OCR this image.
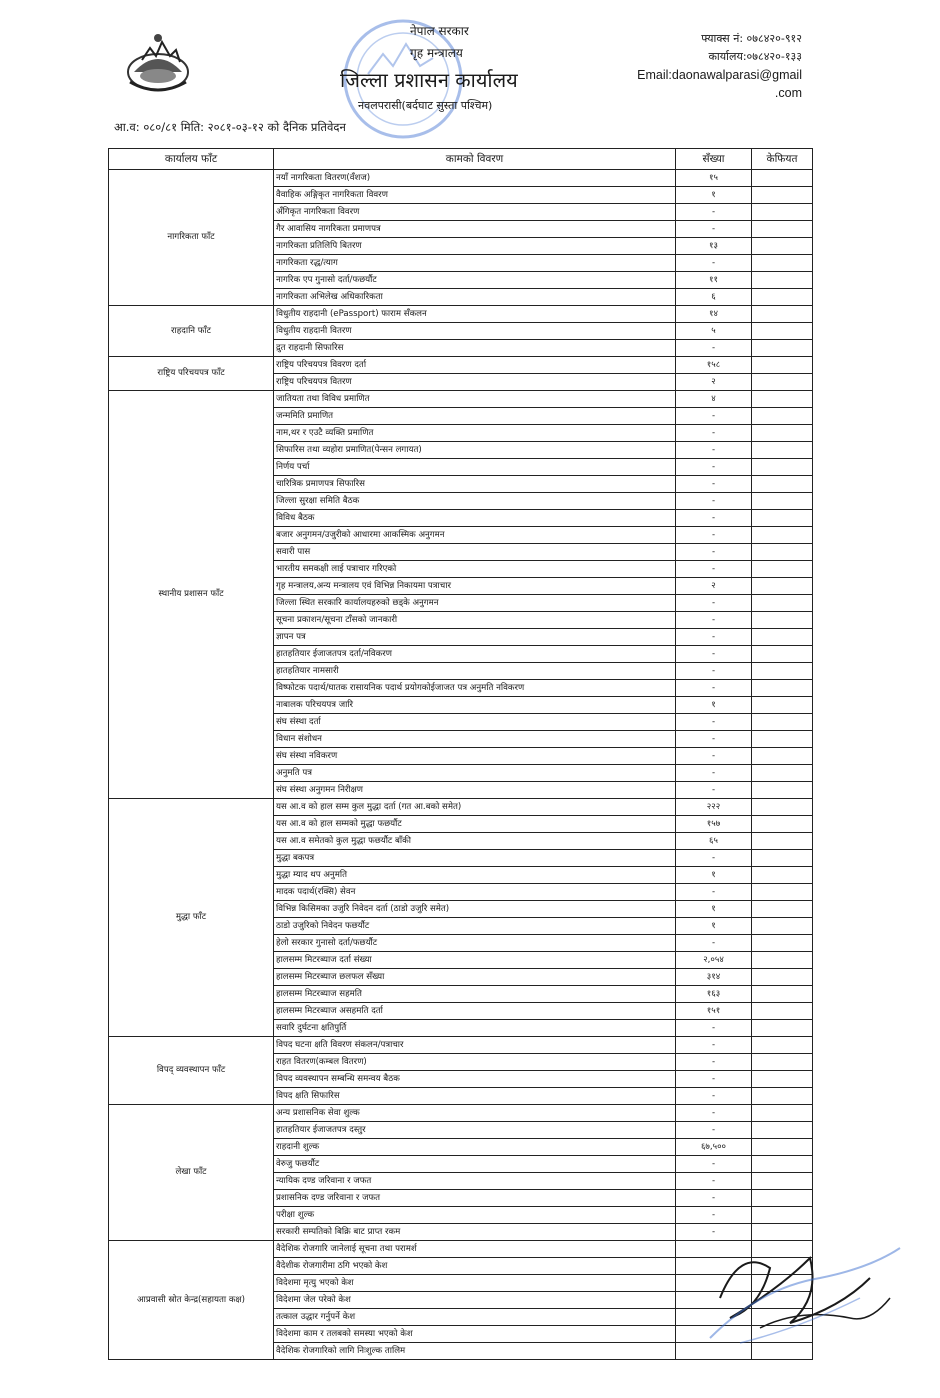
नेपाल सरकार
गृह मन्त्रालय
जिल्ला प्रशासन कार्यालय
नवलपरासी(बर्दघाट सुस्ता पश्चिम)
फ्याक्स नं: ०७८४२०-९१२
कार्यालय:०७८४२०-१३३
Email:daonawalparasi@gmail
.com
आ.व: ०८०/८१ मिति: २०८१-०३-१२ को दैनिक प्रतिवेदन
कार्यालय फाँट	कामको विवरण	सँख्या	केफियत
नागरिकता फाँट	नयाँ नागरिकता वितरण(वँशज)	१५	
	वैवाहिक अङ्गिकृत नागरिकता विवरण	१	
	अँगिकृत नागरिकता विवरण	-	
	गैर आवासिय नागरिकता प्रमाणपत्र	-	
	नागरिकता प्रतिलिपि बितरण	१३	
	नागरिकता रद्ध/त्याग	-	
	नागरिक एप गुनासो दर्ता/फछर्यौट	११	
	नागरिकता अभिलेख अधिकारिकता	६	
राहदानि फाँट	विधुतीय राहदानी (ePassport) फाराम सँकलन	१४	
	विधुतीय राहदानी वितरण	५	
	द्रुत राहदानी सिफारिस	-	
राष्ट्रिय परिचयपत्र फाँट	राष्ट्रिय परिचयपत्र विवरण दर्ता	१५८	
	राष्ट्रिय परिचयपत्र वितरण	२	
स्थानीय प्रशासन फाँट	जातियता तथा विविध प्रमाणित	४	
	जन्ममिति प्रमाणित	-	
	नाम,थर र एउटै व्यक्ति प्रमाणित	-	
	सिफारिस तथा व्यहोरा प्रमाणित(पेन्सन लगायत)	-	
	निर्णय पर्चा	-	
	चारित्रिक प्रमाणपत्र सिफारिस	-	
	जिल्ला सुरक्षा समिति बैठक	-	
	विविध बैठक	-	
	बजार अनुगमन/उजुरीको आधारमा आकस्मिक अनुगमन	-	
	सवारी पास	-	
	भारतीय समकक्षी लाई पत्राचार गरिएको	-	
	गृह मन्त्रालय,अन्य मन्त्रालय एवं विभिन्न निकायमा पत्राचार	२	
	जिल्ला स्थित सरकारि कार्यालयहरुको छड्के अनुगमन	-	
	सूचना प्रकाशन/सूचना टाँसको जानकारी	-	
	ज्ञापन पत्र	-	
	हातहतियार ईजाजतपत्र दर्ता/नविकरण	-	
	हातहतियार नामसारी	-	
	विष्फोटक पदार्थ/घातक रासायनिक पदार्थ प्रयोगकोईजाजत पत्र अनुमति नविकरण	-	
	नाबालक परिचयपत्र जारि	१	
	संघ संस्था दर्ता	-	
	विधान संशोधन	-	
	संघ संस्था नविकरण	-	
	अनुमति पत्र	-	
	संघ संस्था अनुगमन निरीक्षण	-	
मुद्धा फाँट	यस आ.व को हाल सम्म कुल मुद्धा दर्ता (गत आ.बको समेत)	२२२	
	यस आ.व को हाल सम्मको मुद्धा फछर्यौट	१५७	
	यस आ.व समेतको कुल मुद्धा फछर्यौट बाँकी	६५	
	मुद्धा बकपत्र	-	
	मुद्धा म्याद थप अनुमति	१	
	मादक पदार्थ(रक्सि) सेवन	-	
	विभिन्न किसिमका उजुरि निवेदन दर्ता (ठाडो उजुरि समेत)	१	
	ठाडो उजुरिको निवेदन फछर्यौट	१	
	हेलो सरकार गुनासो दर्ता/फछर्यौट	-	
	हालसम्म मिटरब्याज दर्ता संख्या	२,०५४	
	हालसम्म मिटरब्याज छलफल सँख्या	३१४	
	हालसम्म मिटरब्याज सहमति	१६३	
	हालसम्म मिटरब्याज असहमति दर्ता	१५१	
	सवारि दुर्घटना क्षतिपुर्ति	-	
विपद् व्यवस्थापन फाँट	विपद घटना क्षति विवरण संकलन/पत्राचार	-	
	राहत वितरण(कम्बल वितरण)	-	
	विपद व्यवस्थापन सम्बन्धि समन्वय बैठक	-	
	विपद क्षति सिफारिस	-	
लेखा फाँट	अन्य प्रशासनिक सेवा शुल्क	-	
	हातहतियार ईजाजतपत्र दस्तुर	-	
	राहदानी शुल्क	६७,५००	
	वेरुजु फछर्यौट	-	
	न्यायिक दण्ड जरिवाना र जफत	-	
	प्रशासनिक दण्ड जरिवाना र जफत	-	
	परीक्षा शुल्क	-	
	सरकारी सम्पतिको बिक्रि बाट प्राप्त रकम	-	
आप्रवासी स्रोत केन्द्र(सहायता कक्ष)	वैदेशिक रोजगारि जानेलाई सूचना तथा परामर्श		
	वैदेशीक रोजगारीमा ठगि भएको केश		
	विदेशमा मृत्यु भएको केश		
	विदेशमा जेल परेको केश		
	तत्काल उद्धार गर्नुपर्ने केश		
	विदेशमा काम र तलबको समस्या भएको केश		
	वैदेशिक रोजगारिको लागि निःशुल्क तालिम		
